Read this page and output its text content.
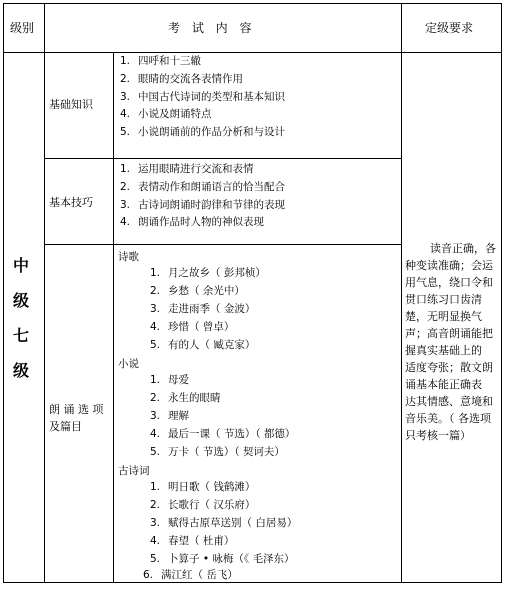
级别	考 试 内 容	定级要求
中
级
七
级
基础知识
1. 四呼和十三辙
2. 眼睛的交流各表情作用
3. 中国古代诗词的类型和基本知识
4. 小说及朗诵特点
5. 小说朗诵前的作品分析和与设计
基本技巧
1. 运用眼睛进行交流和表情
2. 表情动作和朗诵语言的恰当配合
3. 古诗词朗诵时韵律和节律的表现
4. 朗诵作品时人物的神似表现
朗 诵 选 项
及篇目
诗歌
1. 月之故乡（ 彭邦桢）
2. 乡愁（ 余光中）
3. 走进雨季（ 金波）
4. 珍惜（ 曾卓）
5. 有的人（ 臧克家）
小说
1. 母爱
2. 永生的眼睛
3. 理解
4. 最后一课（ 节选）（ 都德）
5. 万卡（ 节选）（ 契诃夫）
古诗词
1. 明日歌（ 钱鹤滩）
2. 长歌行（ 汉乐府）
3. 赋得古原草送别（ 白居易）
4. 春望（ 杜甫）
5. 卜算子 • 咏梅（《 毛泽东）
6. 满江红（ 岳飞）
读音正确，各
种变读准确；会运
用气息，绕口令和
贯口练习口齿清
楚，无明显换气
声；高音朗诵能把
握真实基础上的
适度夸张；散文朗
诵基本能正确表
达其情感、意境和
音乐美。（ 各选项
只考核一篇）
